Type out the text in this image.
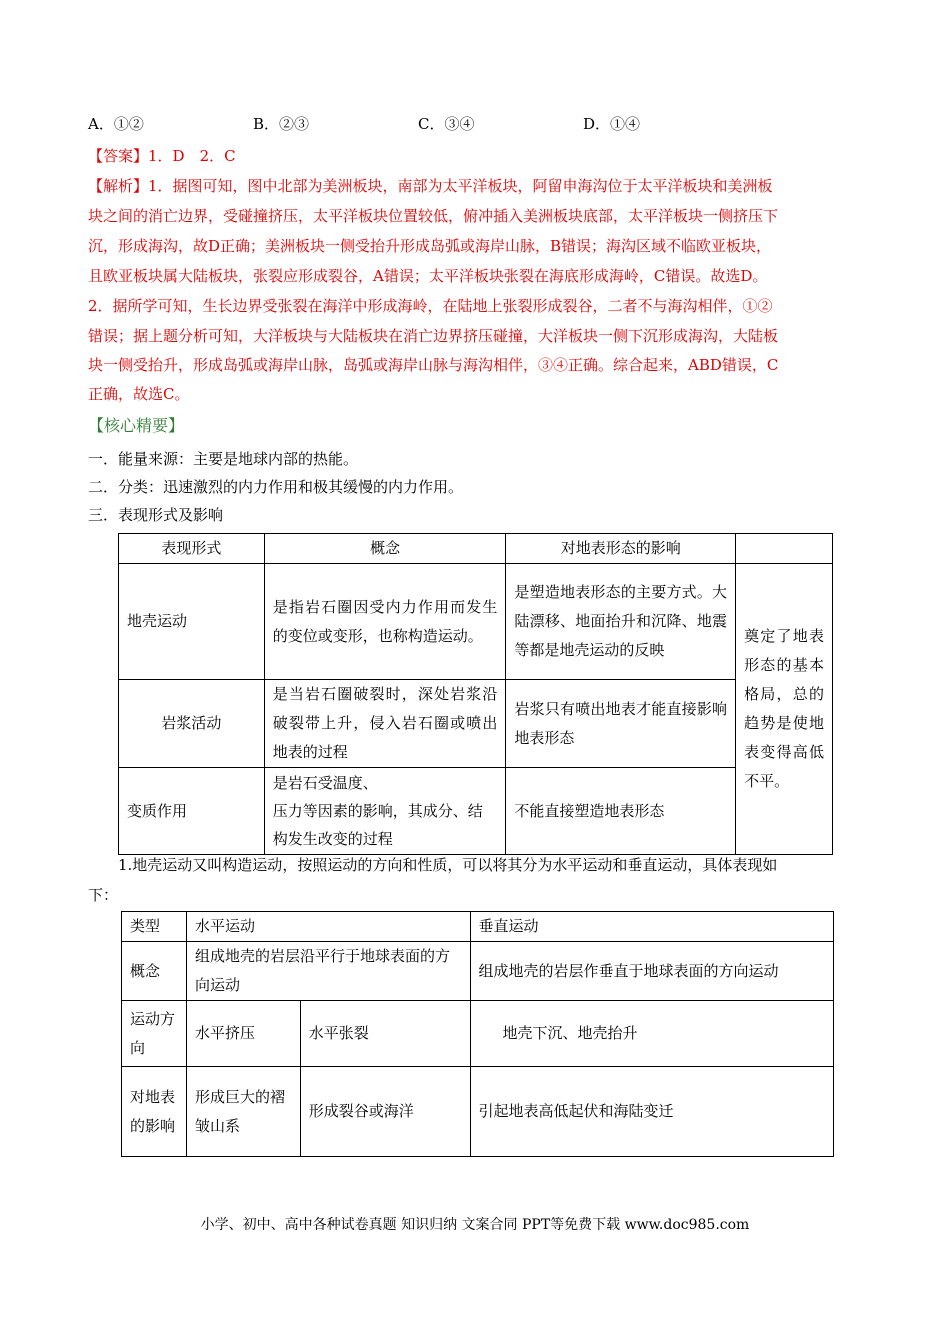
A．①②	B．②③	C．③④	D．①④
【答案】1．D　2．C
【解析】1．据图可知，图中北部为美洲板块，南部为太平洋板块，阿留申海沟位于太平洋板块和美洲板
块之间的消亡边界，受碰撞挤压，太平洋板块位置较低，俯冲插入美洲板块底部，太平洋板块一侧挤压下
沉，形成海沟，故D正确；美洲板块一侧受抬升形成岛弧或海岸山脉，B错误；海沟区域不临欧亚板块，
且欧亚板块属大陆板块，张裂应形成裂谷，A错误；太平洋板块张裂在海底形成海岭，C错误。故选D。
2．据所学可知，生长边界受张裂在海洋中形成海岭，在陆地上张裂形成裂谷，二者不与海沟相伴，①②
错误；据上题分析可知，大洋板块与大陆板块在消亡边界挤压碰撞，大洋板块一侧下沉形成海沟，大陆板
块一侧受抬升，形成岛弧或海岸山脉，岛弧或海岸山脉与海沟相伴，③④正确。综合起来，ABD错误，C
正确，故选C。
【核心精要】
一．能量来源：主要是地球内部的热能。
二．分类：迅速激烈的内力作用和极其缓慢的内力作用。
三．表现形式及影响
表现形式	概念	对地表形态的影响	
地壳运动	是指岩石圈因受内力作用而发生的变位或变形，也称构造运动。	是塑造地表形态的主要方式。大陆漂移、地面抬升和沉降、地震等都是地壳运动的反映	奠定了地表形态的基本格局，总的趋势是使地表变得高低不平。
岩浆活动	是当岩石圈破裂时，深处岩浆沿破裂带上升，侵入岩石圈或喷出地表的过程	岩浆只有喷出地表才能直接影响地表形态	
变质作用	是岩石受温度、
压力等因素的影响，其成分、结构发生改变的过程	不能直接塑造地表形态	
1.地壳运动又叫构造运动，按照运动的方向和性质，可以将其分为水平运动和垂直运动，具体表现如
下：
类型	水平运动		垂直运动
概念	组成地壳的岩层沿平行于地球表面的方向运动		组成地壳的岩层作垂直于地球表面的方向运动
运动方向	水平挤压	水平张裂	地壳下沉、地壳抬升
对地表的影响	形成巨大的褶皱山系	形成裂谷或海洋	引起地表高低起伏和海陆变迁
小学、初中、高中各种试卷真题 知识归纳 文案合同 PPT等免费下载 www.doc985.com
